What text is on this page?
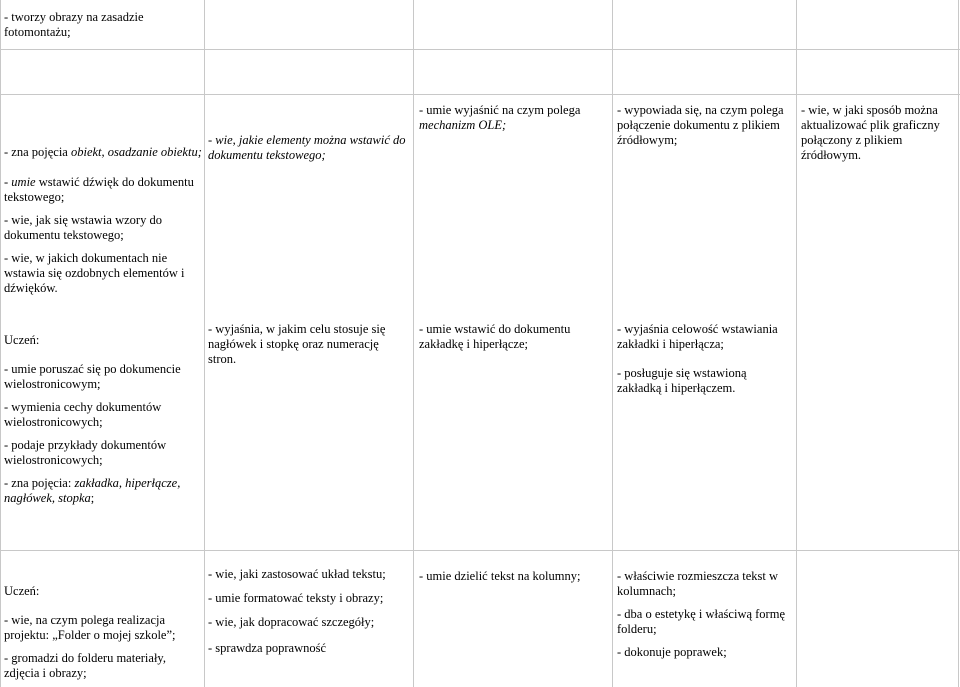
- tworzy obrazy na zasadzie fotomontażu;

- zna pojęcia obiekt, osadzanie obiektu;

- wie, jakie elementy można wstawić do dokumentu tekstowego;

- umie wyjaśnić na czym polega

mechanizm OLE;

- wypowiada się, na czym polega połączenie dokumentu z plikiem źródłowym;

- wie, w jaki sposób można aktualizować plik graficzny połączony z plikiem źródłowym.

- umie wstawić dźwięk do dokumentu tekstowego;

- wie, jak się wstawia wzory do dokumentu tekstowego;

- wie, w jakich dokumentach nie wstawia się ozdobnych elementów i dźwięków.

Uczeń:

- umie poruszać się po dokumencie wielostronicowym;

- wymienia cechy dokumentów wielostronicowych;

- podaje przykłady dokumentów wielostronicowych;

- zna pojęcia: zakładka, hiperłącze, nagłówek, stopka;

- wyjaśnia, w jakim celu stosuje się nagłówek i stopkę oraz numerację stron.

- umie wstawić do dokumentu zakładkę i hiperłącze;

- wyjaśnia celowość wstawiania zakładki i hiperłącza;

- posługuje się wstawioną zakładką i hiperłączem.

Uczeń:

- wie, na czym polega realizacja projektu: „Folder o mojej szkole”;

- gromadzi do folderu materiały, zdjęcia i obrazy;

- wie, jaki zastosować układ tekstu;

- umie formatować teksty i obrazy;

- wie, jak dopracować szczegóły;

- sprawdza poprawność

- umie dzielić tekst na kolumny;	- właściwie rozmieszcza tekst w kolumnach;

- dba o estetykę i właściwą formę folderu;

- dokonuje poprawek;
